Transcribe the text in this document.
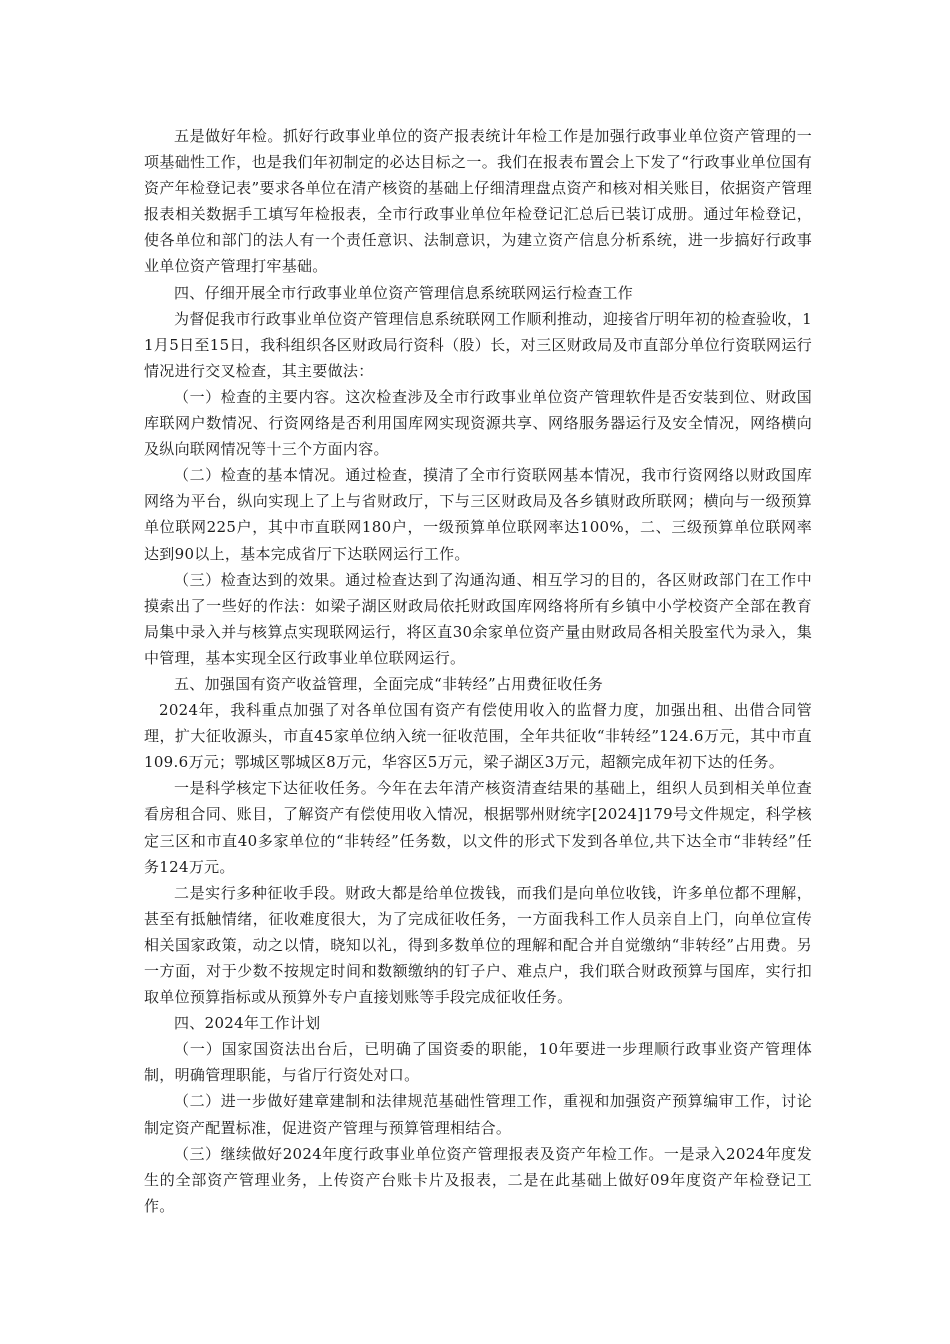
五是做好年检。抓好行政事业单位的资产报表统计年检工作是加强行政事业单位资产管理的一项基础性工作，也是我们年初制定的必达目标之一。我们在报表布置会上下发了“行政事业单位国有资产年检登记表”要求各单位在清产核资的基础上仔细清理盘点资产和核对相关账目，依据资产管理报表相关数据手工填写年检报表，全市行政事业单位年检登记汇总后已装订成册。通过年检登记，使各单位和部门的法人有一个责任意识、法制意识，为建立资产信息分析系统，进一步搞好行政事业单位资产管理打牢基础。

四、仔细开展全市行政事业单位资产管理信息系统联网运行检查工作

为督促我市行政事业单位资产管理信息系统联网工作顺利推动，迎接省厅明年初的检查验收，11月5日至15日，我科组织各区财政局行资科（股）长，对三区财政局及市直部分单位行资联网运行情况进行交叉检查，其主要做法：

（一）检查的主要内容。这次检查涉及全市行政事业单位资产管理软件是否安装到位、财政国库联网户数情况、行资网络是否利用国库网实现资源共享、网络服务器运行及安全情况，网络横向及纵向联网情况等十三个方面内容。

（二）检查的基本情况。通过检查，摸清了全市行资联网基本情况，我市行资网络以财政国库网络为平台，纵向实现上了上与省财政厅，下与三区财政局及各乡镇财政所联网；横向与一级预算单位联网225户，其中市直联网180户，一级预算单位联网率达100%，二、三级预算单位联网率达到90以上，基本完成省厅下达联网运行工作。

（三）检查达到的效果。通过检查达到了沟通沟通、相互学习的目的，各区财政部门在工作中摸索出了一些好的作法：如梁子湖区财政局依托财政国库网络将所有乡镇中小学校资产全部在教育局集中录入并与核算点实现联网运行，将区直30余家单位资产量由财政局各相关股室代为录入，集中管理，基本实现全区行政事业单位联网运行。

五、加强国有资产收益管理，全面完成“非转经”占用费征收任务

2024年，我科重点加强了对各单位国有资产有偿使用收入的监督力度，加强出租、出借合同管理，扩大征收源头，市直45家单位纳入统一征收范围，全年共征收“非转经”124.6万元，其中市直109.6万元；鄂城区鄂城区8万元，华容区5万元，梁子湖区3万元，超额完成年初下达的任务。

一是科学核定下达征收任务。今年在去年清产核资清查结果的基础上，组织人员到相关单位查看房租合同、账目，了解资产有偿使用收入情况，根据鄂州财统字[2024]179号文件规定，科学核定三区和市直40多家单位的“非转经”任务数，以文件的形式下发到各单位,共下达全市“非转经”任务124万元。

二是实行多种征收手段。财政大都是给单位拨钱，而我们是向单位收钱，许多单位都不理解，甚至有抵触情绪，征收难度很大，为了完成征收任务，一方面我科工作人员亲自上门，向单位宣传相关国家政策，动之以情，晓知以礼，得到多数单位的理解和配合并自觉缴纳“非转经”占用费。另一方面，对于少数不按规定时间和数额缴纳的钉子户、难点户，我们联合财政预算与国库，实行扣取单位预算指标或从预算外专户直接划账等手段完成征收任务。

四、2024年工作计划

（一）国家国资法出台后，已明确了国资委的职能，10年要进一步理顺行政事业资产管理体制，明确管理职能，与省厅行资处对口。

（二）进一步做好建章建制和法律规范基础性管理工作，重视和加强资产预算编审工作，讨论制定资产配置标准，促进资产管理与预算管理相结合。

（三）继续做好2024年度行政事业单位资产管理报表及资产年检工作。一是录入2024年度发生的全部资产管理业务，上传资产台账卡片及报表，二是在此基础上做好09年度资产年检登记工作。
